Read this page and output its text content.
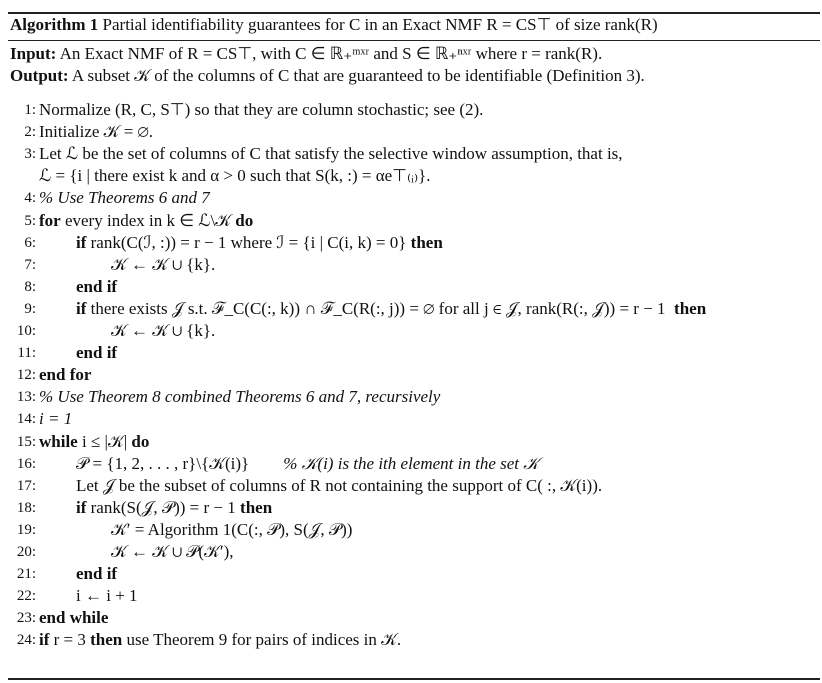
Algorithm 1 Partial identifiability guarantees for C in an Exact NMF R = CS⊤ of size rank(R)
Input: An Exact NMF of R = CS⊤, with C ∈ ℝ₊ᵐˣʳ and S ∈ ℝ₊ⁿˣʳ where r = rank(R).
Output: A subset 𝒦 of the columns of C that are guaranteed to be identifiable (Definition 3).
1: Normalize (R, C, S⊤) so that they are column stochastic; see (2).
2: Initialize 𝒦 = ∅.
3: Let ℒ be the set of columns of C that satisfy the selective window assumption, that is,
ℒ = {i | there exist k and α > 0 such that S(k, :) = αe⊤₍ᵢ₎}.
4: % Use Theorems 6 and 7
5: for every index in k ∈ ℒ\𝒦 do
6: if rank(C(ℐ, :)) = r − 1 where ℐ = {i | C(i, k) = 0} then
7:	𝒦 ← 𝒦 ∪ {k}.
8: end if
9: if there exists 𝒥 s.t. ℱ_C(C(:, k)) ∩ ℱ_C(R(:, j)) = ∅ for all j ∈ 𝒥, rank(R(:, 𝒥)) = r − 1  then
10:	𝒦 ← 𝒦 ∪ {k}.
11: end if
12: end for
13: % Use Theorem 8 combined Theorems 6 and 7, recursively
14: i = 1
15: while i ≤ |𝒦| do
16: 𝒫 = {1, 2, . . . , r}\{𝒦(i)}        % 𝒦(i) is the ith element in the set 𝒦
17: Let 𝒥 be the subset of columns of R not containing the support of C( :, 𝒦(i)).
18: if rank(S(𝒥, 𝒫)) = r − 1 then
19:	𝒦′ = Algorithm 1(C(:, 𝒫), S(𝒥, 𝒫))
20:	𝒦 ← 𝒦 ∪ 𝒫(𝒦′),
21: end if
22: i ← i + 1
23: end while
24: if r = 3 then use Theorem 9 for pairs of indices in 𝒦.
